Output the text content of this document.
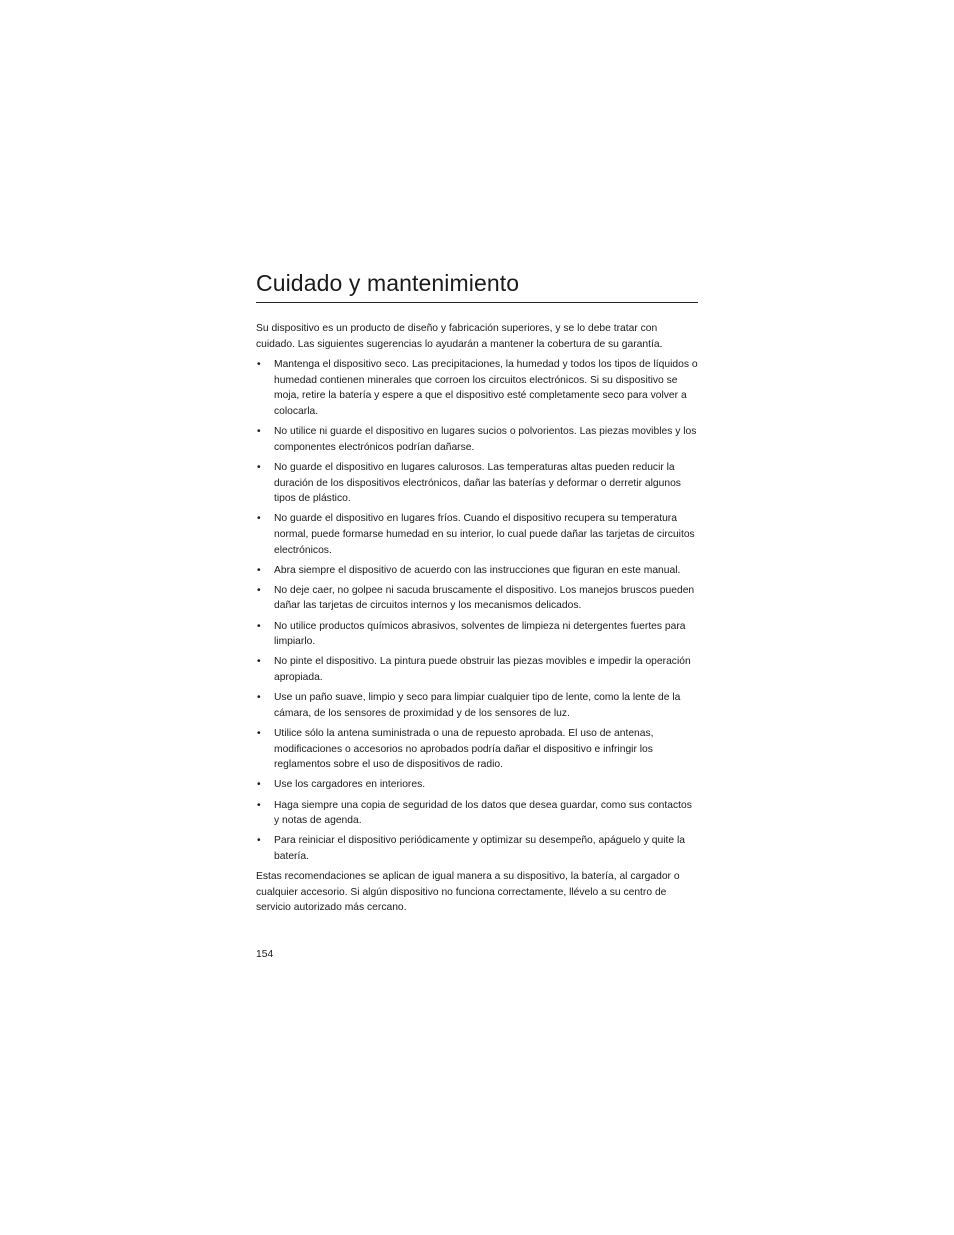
Cuidado y mantenimiento

Su dispositivo es un producto de diseño y fabricación superiores, y se lo debe tratar con cuidado. Las siguientes sugerencias lo ayudarán a mantener la cobertura de su garantía.

• Mantenga el dispositivo seco. Las precipitaciones, la humedad y todos los tipos de líquidos o humedad contienen minerales que corroen los circuitos electrónicos. Si su dispositivo se moja, retire la batería y espere a que el dispositivo esté completamente seco para volver a colocarla.
• No utilice ni guarde el dispositivo en lugares sucios o polvorientos. Las piezas movibles y los componentes electrónicos podrían dañarse.
• No guarde el dispositivo en lugares calurosos. Las temperaturas altas pueden reducir la duración de los dispositivos electrónicos, dañar las baterías y deformar o derretir algunos tipos de plástico.
• No guarde el dispositivo en lugares fríos. Cuando el dispositivo recupera su temperatura normal, puede formarse humedad en su interior, lo cual puede dañar las tarjetas de circuitos electrónicos.
• Abra siempre el dispositivo de acuerdo con las instrucciones que figuran en este manual.
• No deje caer, no golpee ni sacuda bruscamente el dispositivo. Los manejos bruscos pueden dañar las tarjetas de circuitos internos y los mecanismos delicados.
• No utilice productos químicos abrasivos, solventes de limpieza ni detergentes fuertes para limpiarlo.
• No pinte el dispositivo. La pintura puede obstruir las piezas movibles e impedir la operación apropiada.
• Use un paño suave, limpio y seco para limpiar cualquier tipo de lente, como la lente de la cámara, de los sensores de proximidad y de los sensores de luz.
• Utilice sólo la antena suministrada o una de repuesto aprobada. El uso de antenas, modificaciones o accesorios no aprobados podría dañar el dispositivo e infringir los reglamentos sobre el uso de dispositivos de radio.
• Use los cargadores en interiores.
• Haga siempre una copia de seguridad de los datos que desea guardar, como sus contactos y notas de agenda.
• Para reiniciar el dispositivo periódicamente y optimizar su desempeño, apáguelo y quite la batería.

Estas recomendaciones se aplican de igual manera a su dispositivo, la batería, al cargador o cualquier accesorio. Si algún dispositivo no funciona correctamente, llévelo a su centro de servicio autorizado más cercano.

154
